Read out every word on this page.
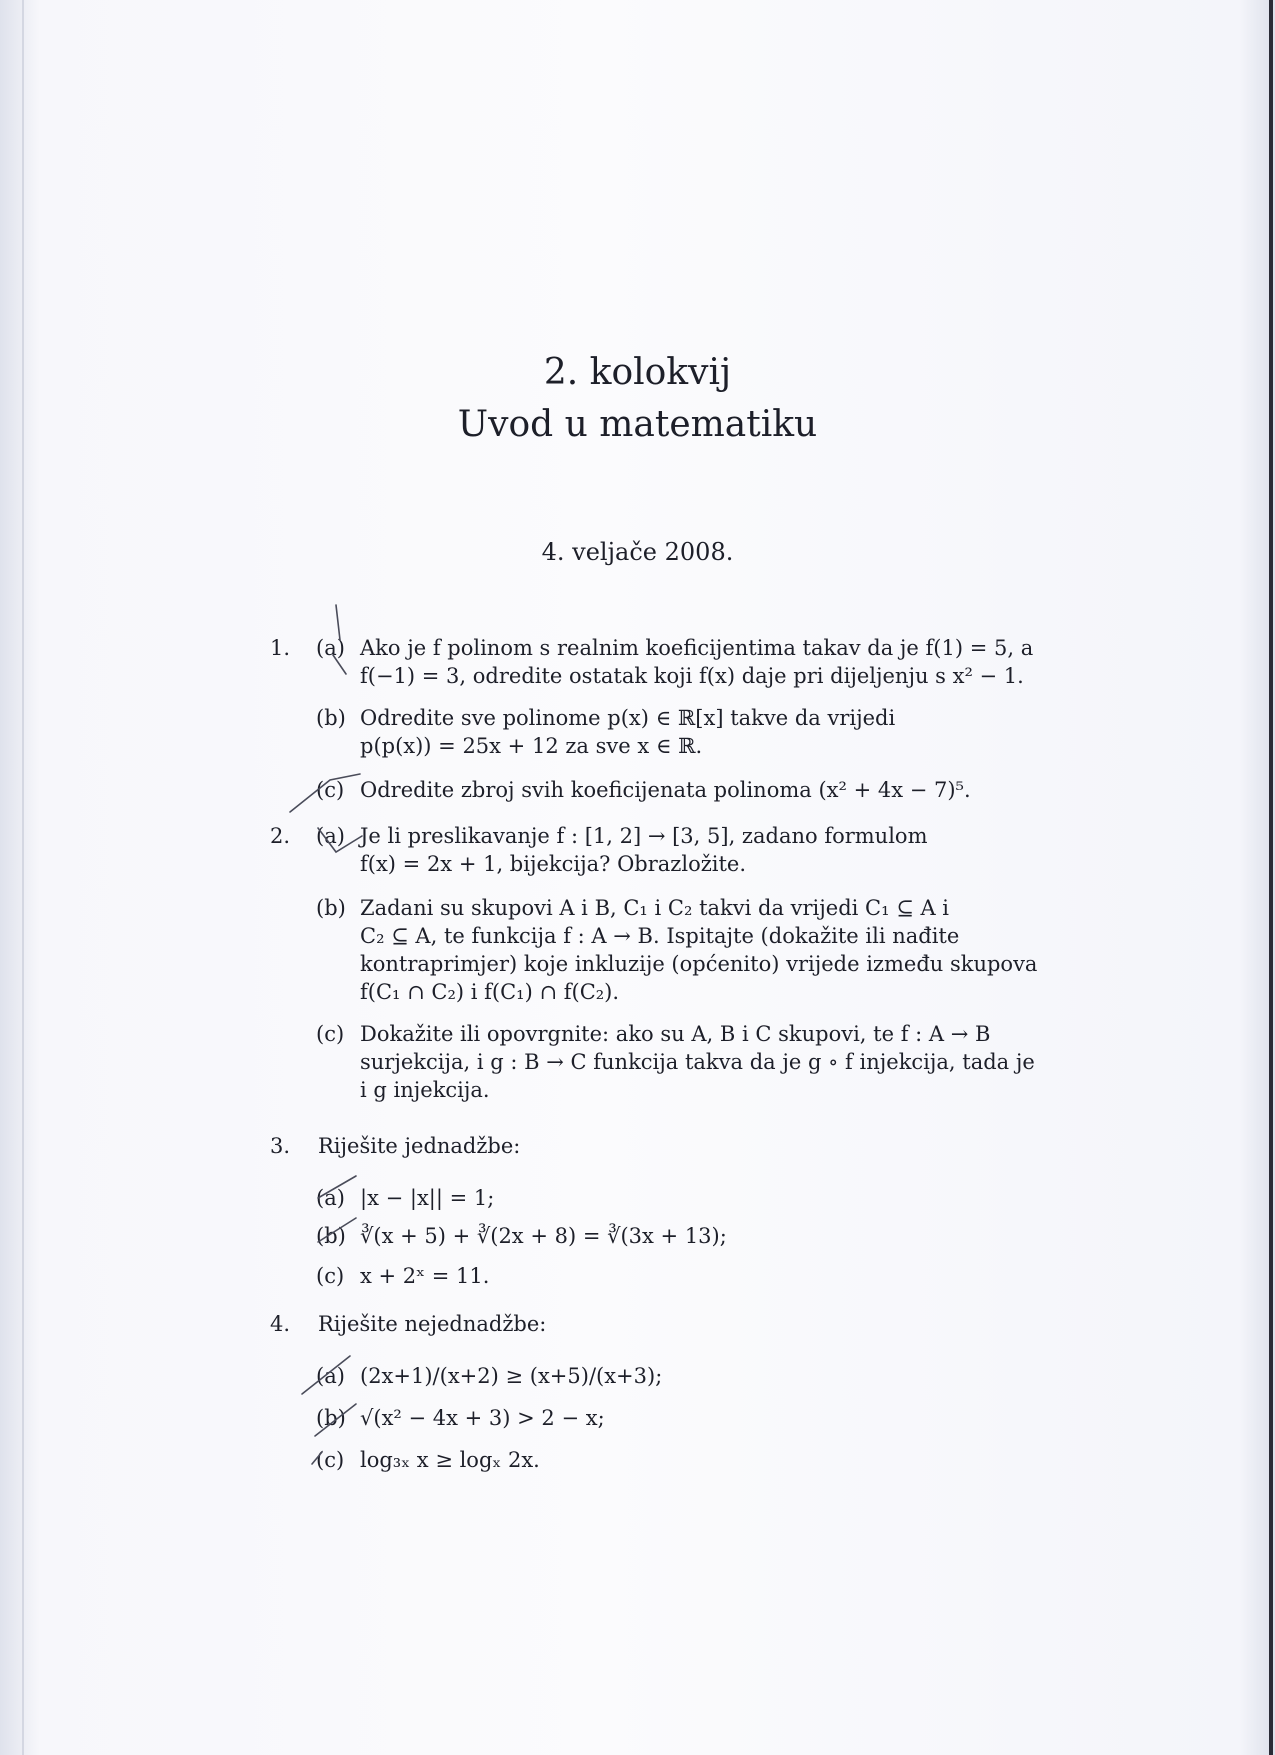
2. kolokvij
Uvod u matematiku
4. veljače 2008.
1. (a) Ako je f polinom s realnim koeficijentima takav da je f(1) = 5, a
f(−1) = 3, odredite ostatak koji f(x) daje pri dijeljenju s x² − 1.
(b) Odredite sve polinome p(x) ∈ ℝ[x] takve da vrijedi
p(p(x)) = 25x + 12 za sve x ∈ ℝ.
(c) Odredite zbroj svih koeficijenata polinoma (x² + 4x − 7)⁵.
2. (a) Je li preslikavanje f : [1, 2] → [3, 5], zadano formulom
f(x) = 2x + 1, bijekcija? Obrazložite.
(b) Zadani su skupovi A i B, C₁ i C₂ takvi da vrijedi C₁ ⊆ A i
C₂ ⊆ A, te funkcija f : A → B. Ispitajte (dokažite ili nađite
kontraprimjer) koje inkluzije (općenito) vrijede između skupova
f(C₁ ∩ C₂) i f(C₁) ∩ f(C₂).
(c) Dokažite ili opovrgnite: ako su A, B i C skupovi, te f : A → B
surjekcija, i g : B → C funkcija takva da je g ∘ f injekcija, tada je
i g injekcija.
3. Riješite jednadžbe:
(a) |x − |x|| = 1;
(b) ∛(x + 5) + ∛(2x + 8) = ∛(3x + 13);
(c) x + 2ˣ = 11.
4. Riješite nejednadžbe:
(a) (2x+1)/(x+2) ≥ (x+5)/(x+3);
(b) √(x² − 4x + 3) > 2 − x;
(c) log₃ₓ x ≥ logₓ 2x.
